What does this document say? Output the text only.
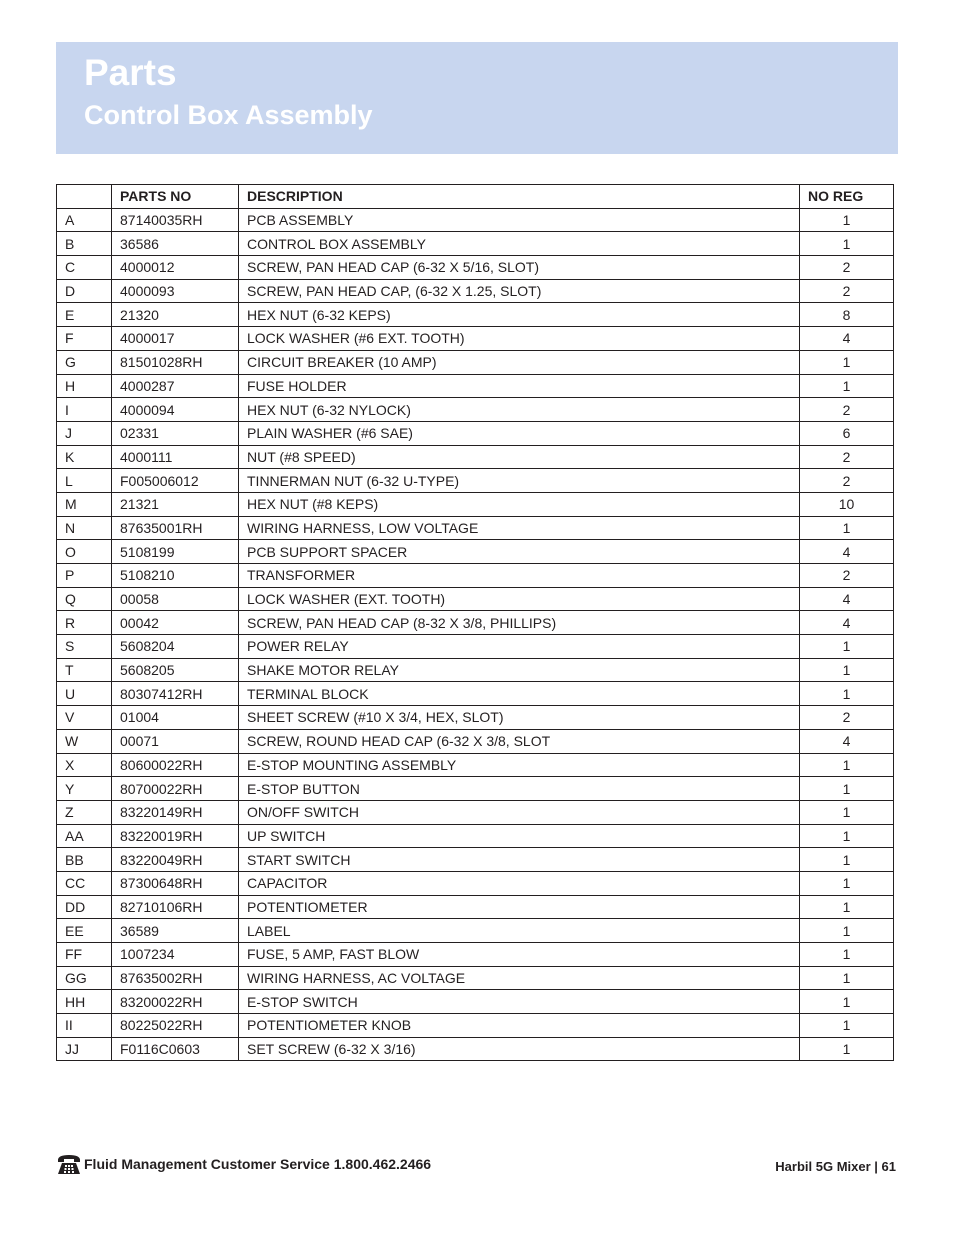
Parts
Control Box Assembly
	PARTS NO	DESCRIPTION	NO REG
A	87140035RH	PCB ASSEMBLY	1
B	36586	CONTROL BOX ASSEMBLY	1
C	4000012	SCREW, PAN HEAD CAP (6-32 X 5/16, SLOT)	2
D	4000093	SCREW, PAN HEAD CAP, (6-32 X 1.25, SLOT)	2
E	21320	HEX NUT (6-32 KEPS)	8
F	4000017	LOCK WASHER (#6 EXT. TOOTH)	4
G	81501028RH	CIRCUIT BREAKER (10 AMP)	1
H	4000287	FUSE HOLDER	1
I	4000094	HEX NUT (6-32 NYLOCK)	2
J	02331	PLAIN WASHER (#6 SAE)	6
K	4000111	NUT (#8 SPEED)	2
L	F005006012	TINNERMAN NUT (6-32 U-TYPE)	2
M	21321	HEX NUT (#8 KEPS)	10
N	87635001RH	WIRING HARNESS, LOW VOLTAGE	1
O	5108199	PCB SUPPORT SPACER	4
P	5108210	TRANSFORMER	2
Q	00058	LOCK WASHER (EXT. TOOTH)	4
R	00042	SCREW, PAN HEAD CAP (8-32 X 3/8, PHILLIPS)	4
S	5608204	POWER RELAY	1
T	5608205	SHAKE MOTOR RELAY	1
U	80307412RH	TERMINAL BLOCK	1
V	01004	SHEET SCREW (#10 X 3/4, HEX, SLOT)	2
W	00071	SCREW, ROUND HEAD CAP (6-32 X 3/8, SLOT	4
X	80600022RH	E-STOP MOUNTING ASSEMBLY	1
Y	80700022RH	E-STOP BUTTON	1
Z	83220149RH	ON/OFF SWITCH	1
AA	83220019RH	UP SWITCH	1
BB	83220049RH	START SWITCH	1
CC	87300648RH	CAPACITOR	1
DD	82710106RH	POTENTIOMETER	1
EE	36589	LABEL	1
FF	1007234	FUSE, 5 AMP, FAST BLOW	1
GG	87635002RH	WIRING HARNESS, AC VOLTAGE	1
HH	83200022RH	E-STOP SWITCH	1
II	80225022RH	POTENTIOMETER KNOB	1
JJ	F0116C0603	SET SCREW (6-32 X 3/16)	1
Fluid Management Customer Service 1.800.462.2466	Harbil 5G Mixer | 61
